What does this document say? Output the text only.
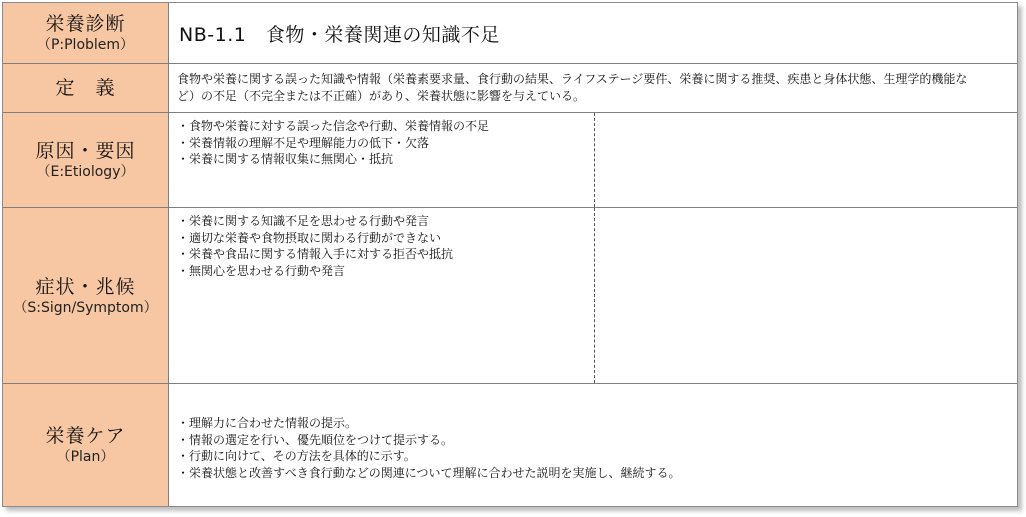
栄養診断
（P:Ploblem） NB-1.1　食物・栄養関連の知識不足
定　義	食物や栄養に関する誤った知識や情報（栄養素要求量、食行動の結果、ライフステージ要件、栄養に関する推奨、疾患と身体状態、生理学的機能な
ど）の不足（不完全または不正確）があり、栄養状態に影響を与えている。
原因・要因
（E:Etiology）
・食物や栄養に対する誤った信念や行動、栄養情報の不足
・栄養情報の理解不足や理解能力の低下・欠落
・栄養に関する情報収集に無関心・抵抗
症状・兆候
（S:Sign/Symptom）
・栄養に関する知識不足を思わせる行動や発言
・適切な栄養や食物摂取に関わる行動ができない
・栄養や食品に関する情報入手に対する拒否や抵抗
・無関心を思わせる行動や発言
栄養ケア
（Plan）
・理解力に合わせた情報の提示。
・情報の選定を行い、優先順位をつけて提示する。
・行動に向けて、その方法を具体的に示す。
・栄養状態と改善すべき食行動などの関連について理解に合わせた説明を実施し、継続する。
